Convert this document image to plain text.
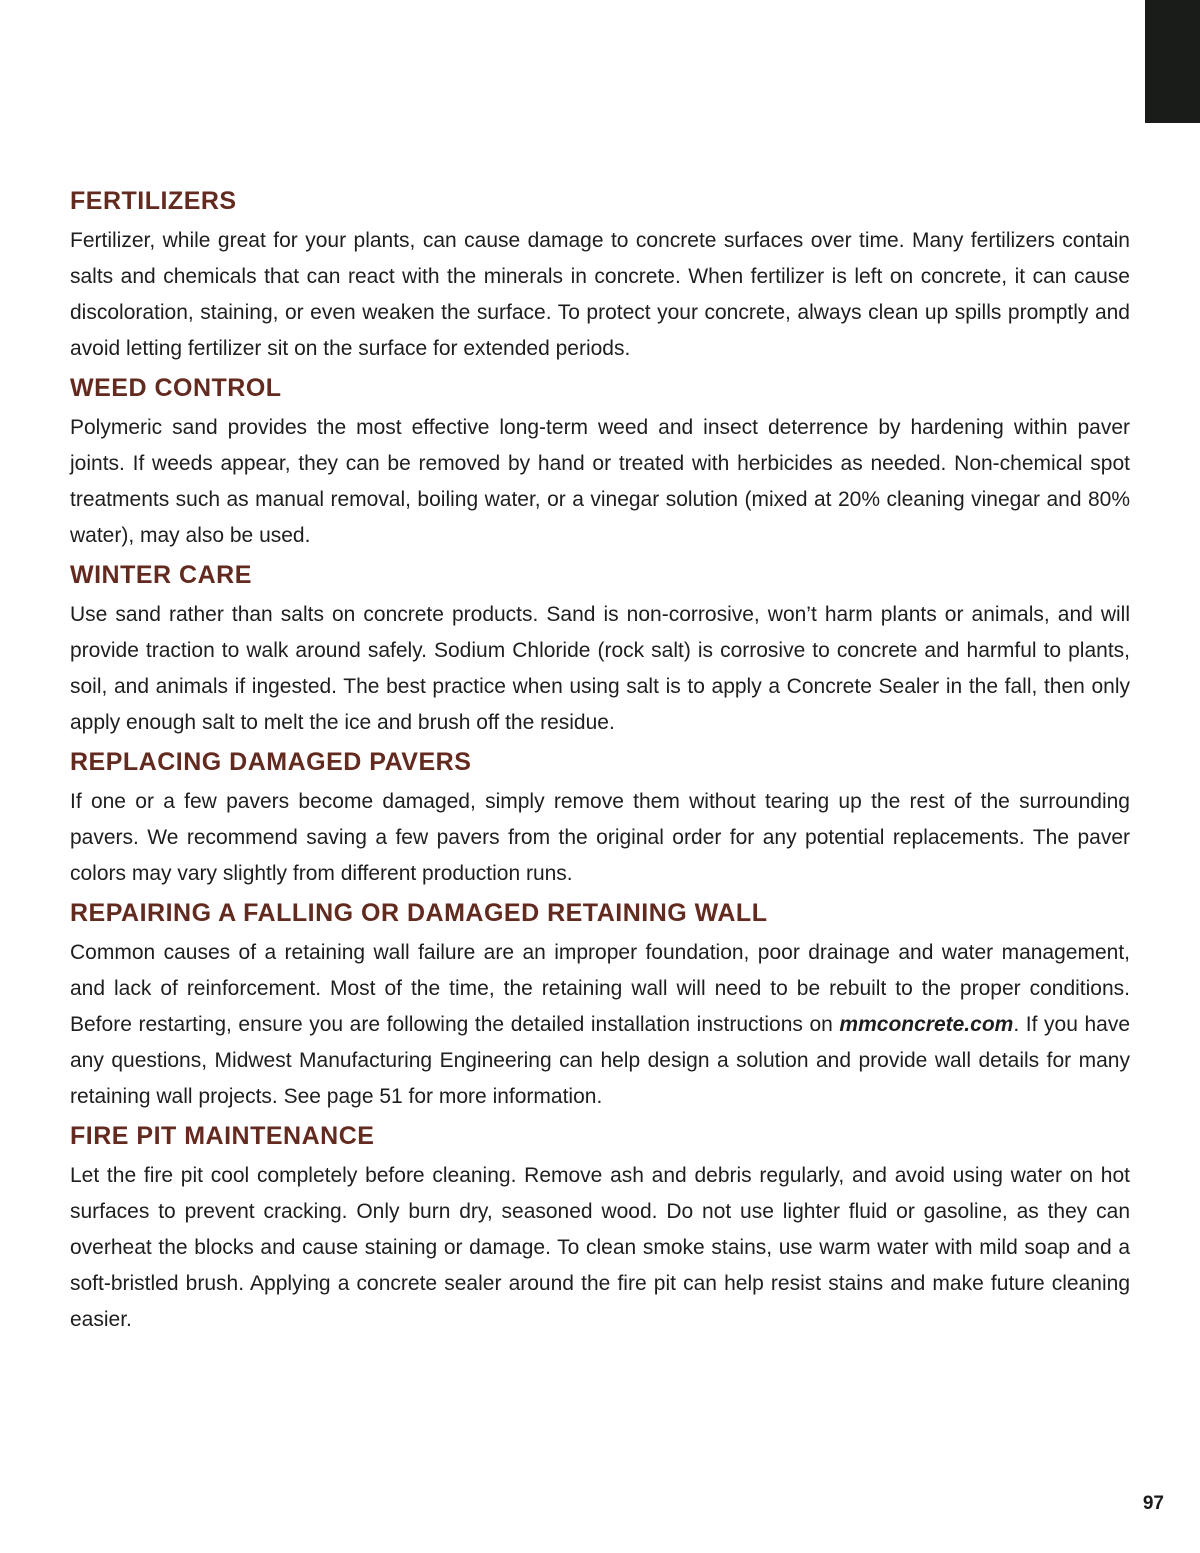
FERTILIZERS

Fertilizer, while great for your plants, can cause damage to concrete surfaces over time. Many fertilizers contain salts and chemicals that can react with the minerals in concrete. When fertilizer is left on concrete, it can cause discoloration, staining, or even weaken the surface. To protect your concrete, always clean up spills promptly and avoid letting fertilizer sit on the surface for extended periods.

WEED CONTROL

Polymeric sand provides the most effective long-term weed and insect deterrence by hardening within paver joints. If weeds appear, they can be removed by hand or treated with herbicides as needed. Non-chemical spot treatments such as manual removal, boiling water, or a vinegar solution (mixed at 20% cleaning vinegar and 80% water), may also be used.

WINTER CARE

Use sand rather than salts on concrete products. Sand is non-corrosive, won’t harm plants or animals, and will provide traction to walk around safely. Sodium Chloride (rock salt) is corrosive to concrete and harmful to plants, soil, and animals if ingested. The best practice when using salt is to apply a Concrete Sealer in the fall, then only apply enough salt to melt the ice and brush off the residue.

REPLACING DAMAGED PAVERS

If one or a few pavers become damaged, simply remove them without tearing up the rest of the surrounding pavers. We recommend saving a few pavers from the original order for any potential replacements. The paver colors may vary slightly from different production runs.

REPAIRING A FALLING OR DAMAGED RETAINING WALL

Common causes of a retaining wall failure are an improper foundation, poor drainage and water management, and lack of reinforcement. Most of the time, the retaining wall will need to be rebuilt to the proper conditions. Before restarting, ensure you are following the detailed installation instructions on mmconcrete.com. If you have any questions, Midwest Manufacturing Engineering can help design a solution and provide wall details for many retaining wall projects. See page 51 for more information.

FIRE PIT MAINTENANCE

Let the fire pit cool completely before cleaning. Remove ash and debris regularly, and avoid using water on hot surfaces to prevent cracking. Only burn dry, seasoned wood. Do not use lighter fluid or gasoline, as they can overheat the blocks and cause staining or damage. To clean smoke stains, use warm water with mild soap and a soft-bristled brush. Applying a concrete sealer around the fire pit can help resist stains and make future cleaning easier.

97
